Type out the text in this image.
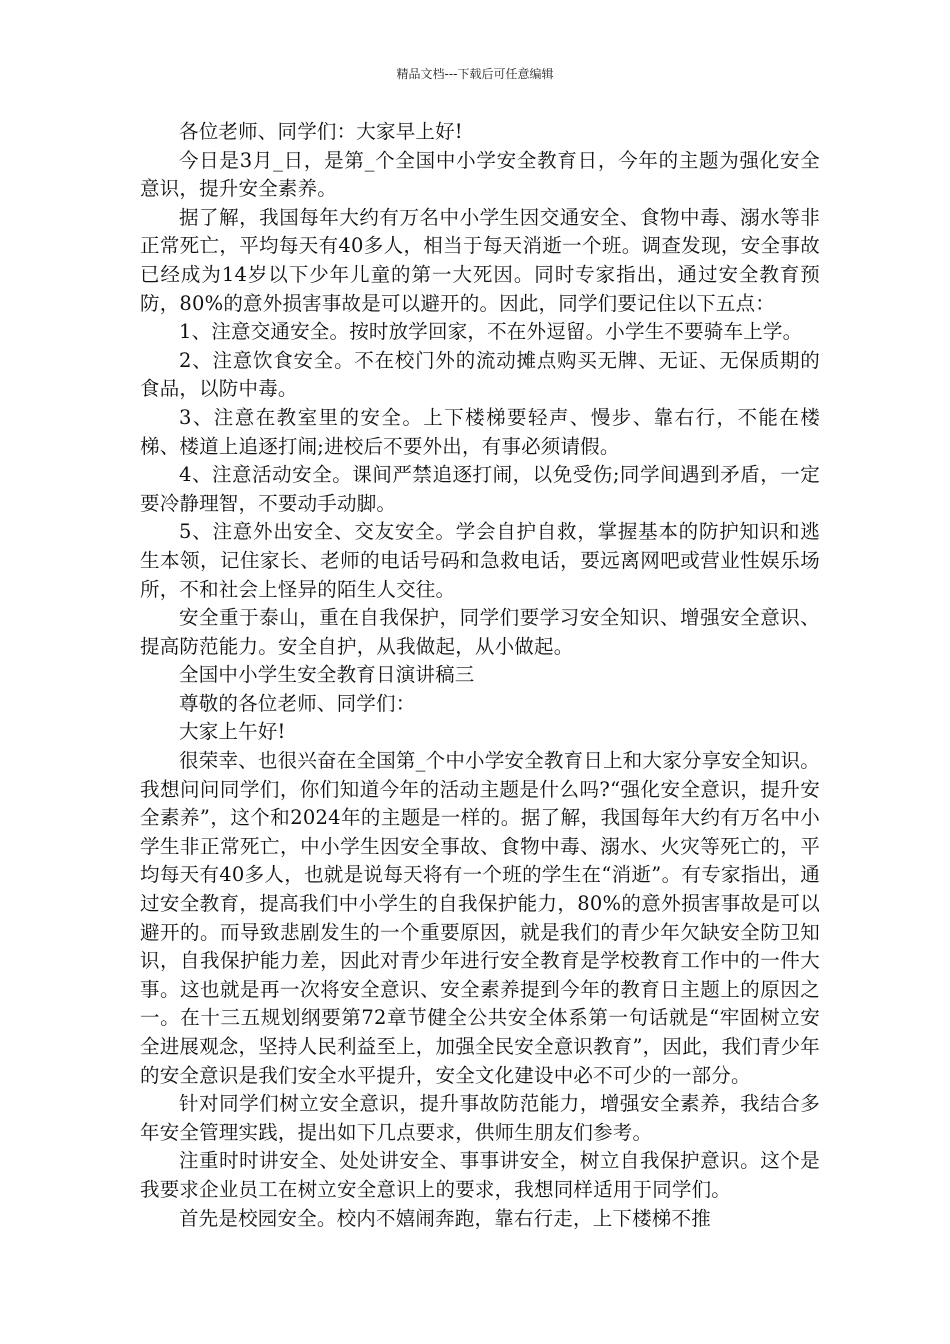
精品文档---下载后可任意编辑

各位老师、同学们：大家早上好!

今日是3月_日，是第_个全国中小学安全教育日，今年的主题为强化安全意识，提升安全素养。

据了解，我国每年大约有万名中小学生因交通安全、食物中毒、溺水等非正常死亡，平均每天有40多人，相当于每天消逝一个班。调查发现，安全事故已经成为14岁以下少年儿童的第一大死因。同时专家指出，通过安全教育预防，80%的意外损害事故是可以避开的。因此，同学们要记住以下五点：

1、注意交通安全。按时放学回家，不在外逗留。小学生不要骑车上学。

2、注意饮食安全。不在校门外的流动摊点购买无牌、无证、无保质期的食品，以防中毒。

3、注意在教室里的安全。上下楼梯要轻声、慢步、靠右行，不能在楼梯、楼道上追逐打闹;进校后不要外出，有事必须请假。

4、注意活动安全。课间严禁追逐打闹，以免受伤;同学间遇到矛盾，一定要冷静理智，不要动手动脚。

5、注意外出安全、交友安全。学会自护自救，掌握基本的防护知识和逃生本领，记住家长、老师的电话号码和急救电话，要远离网吧或营业性娱乐场所，不和社会上怪异的陌生人交往。

安全重于泰山，重在自我保护，同学们要学习安全知识、增强安全意识、提高防范能力。安全自护，从我做起，从小做起。

全国中小学生安全教育日演讲稿三

尊敬的各位老师、同学们：

大家上午好!

很荣幸、也很兴奋在全国第_个中小学安全教育日上和大家分享安全知识。我想问问同学们，你们知道今年的活动主题是什么吗?“强化安全意识，提升安全素养”，这个和2024年的主题是一样的。据了解，我国每年大约有万名中小学生非正常死亡，中小学生因安全事故、食物中毒、溺水、火灾等死亡的，平均每天有40多人，也就是说每天将有一个班的学生在“消逝”。有专家指出，通过安全教育，提高我们中小学生的自我保护能力，80%的意外损害事故是可以避开的。而导致悲剧发生的一个重要原因，就是我们的青少年欠缺安全防卫知识，自我保护能力差，因此对青少年进行安全教育是学校教育工作中的一件大事。这也就是再一次将安全意识、安全素养提到今年的教育日主题上的原因之一。在十三五规划纲要第72章节健全公共安全体系第一句话就是“牢固树立安全进展观念，坚持人民利益至上，加强全民安全意识教育”，因此，我们青少年的安全意识是我们安全水平提升，安全文化建设中必不可少的一部分。

针对同学们树立安全意识，提升事故防范能力，增强安全素养，我结合多年安全管理实践，提出如下几点要求，供师生朋友们参考。

注重时时讲安全、处处讲安全、事事讲安全，树立自我保护意识。这个是我要求企业员工在树立安全意识上的要求，我想同样适用于同学们。

首先是校园安全。校内不嬉闹奔跑，靠右行走，上下楼梯不推
